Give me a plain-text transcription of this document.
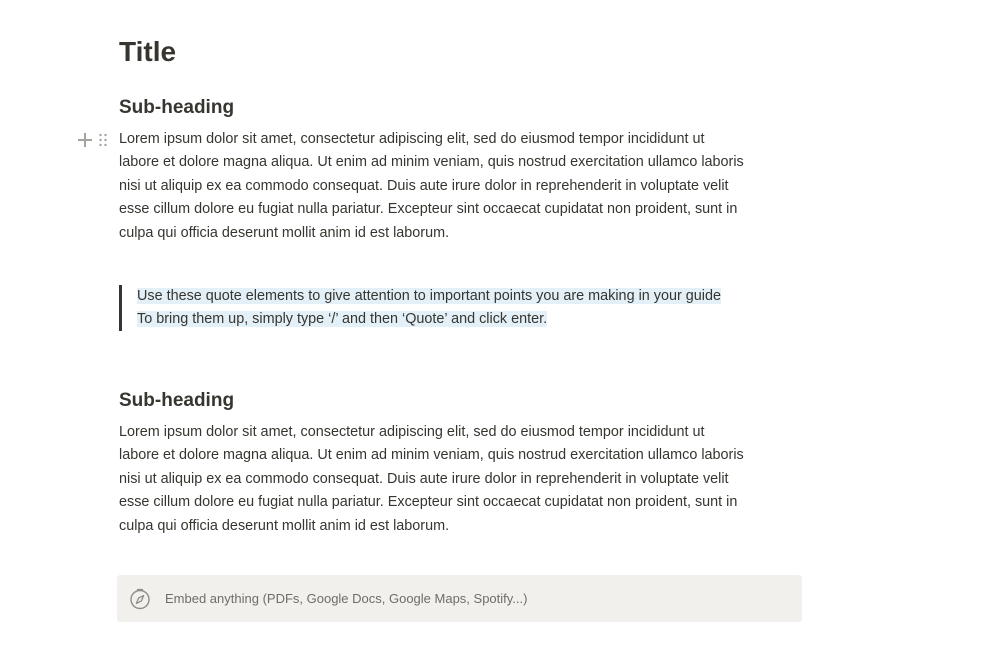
Title
Sub-heading

Lorem ipsum dolor sit amet, consectetur adipiscing elit, sed do eiusmod tempor incididunt ut
labore et dolore magna aliqua. Ut enim ad minim veniam, quis nostrud exercitation ullamco laboris
nisi ut aliquip ex ea commodo consequat. Duis aute irure dolor in reprehenderit in voluptate velit
esse cillum dolore eu fugiat nulla pariatur. Excepteur sint occaecat cupidatat non proident, sunt in
culpa qui officia deserunt mollit anim id est laborum.

Use these quote elements to give attention to important points you are making in your guide
To bring them up, simply type ‘/’ and then ‘Quote’ and click enter.
Sub-heading

Lorem ipsum dolor sit amet, consectetur adipiscing elit, sed do eiusmod tempor incididunt ut
labore et dolore magna aliqua. Ut enim ad minim veniam, quis nostrud exercitation ullamco laboris
nisi ut aliquip ex ea commodo consequat. Duis aute irure dolor in reprehenderit in voluptate velit
esse cillum dolore eu fugiat nulla pariatur. Excepteur sint occaecat cupidatat non proident, sunt in
culpa qui officia deserunt mollit anim id est laborum.

Embed anything (PDFs, Google Docs, Google Maps, Spotify...)
